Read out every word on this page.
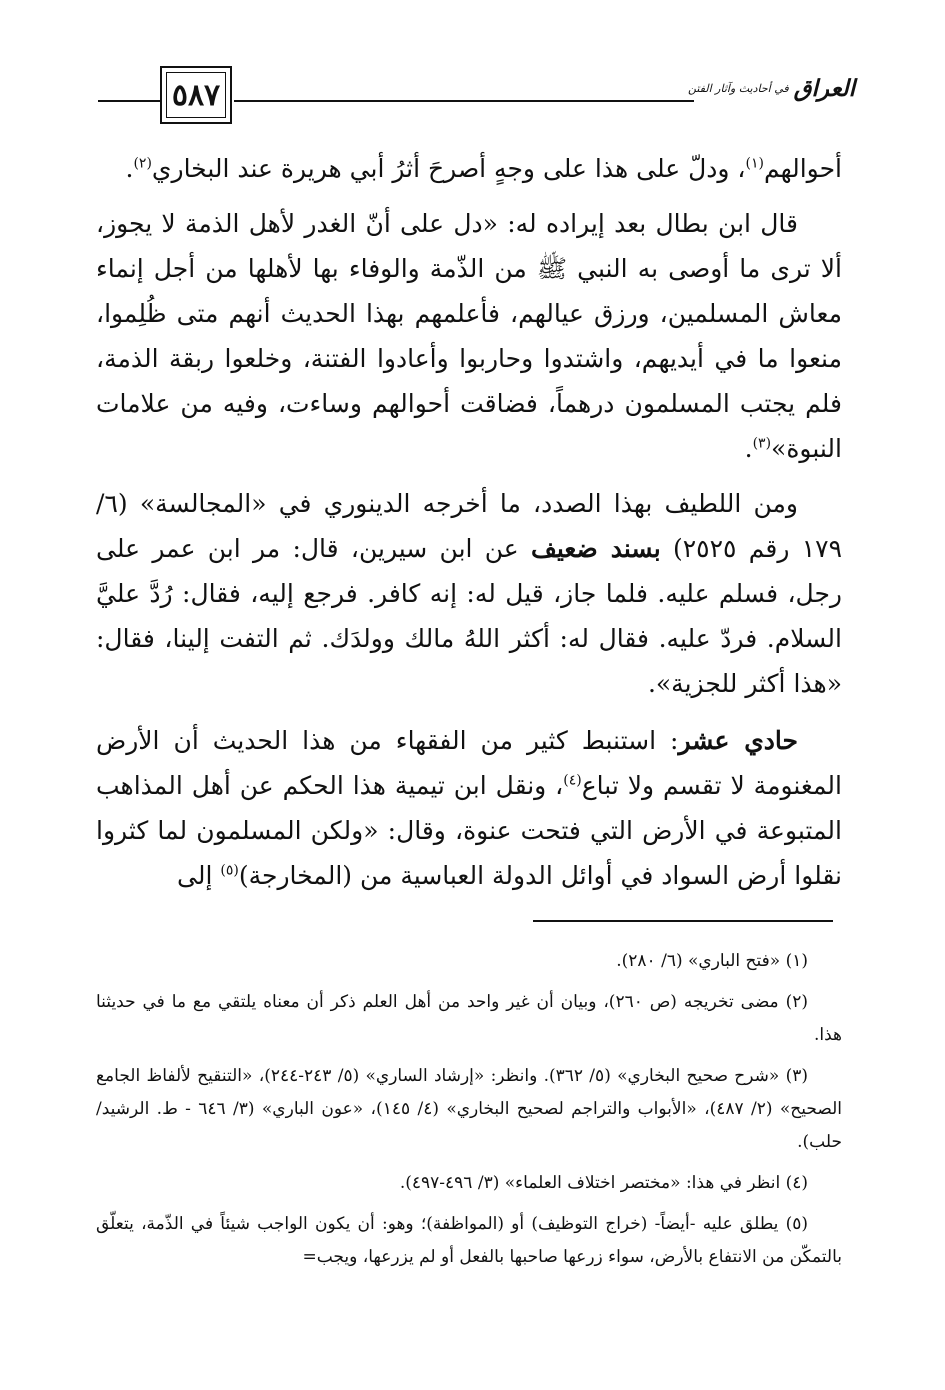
٥٨٧	العراق
في أحاديث وآثار الفتن

أحوالهم$^{(١)}$، ودلّ على هذا على وجهٍ أصرحَ أثرُ أبي هريرة عند البخاري$^{(٢)}$.

قال ابن بطال بعد إيراده له: «دل على أنّ الغدر لأهل الذمة لا يجوز، ألا ترى ما أوصى به النبي ﷺ من الذّمة والوفاء بها لأهلها من أجل إنماء معاش المسلمين، ورزق عيالهم، فأعلمهم بهذا الحديث أنهم متى ظُلِموا، منعوا ما في أيديهم، واشتدوا وحاربوا وأعادوا الفتنة، وخلعوا ربقة الذمة، فلم يجتب المسلمون درهماً، فضاقت أحوالهم وساءت، وفيه من علامات النبوة»$^{(٣)}$.

ومن اللطيف بهذا الصدد، ما أخرجه الدينوري في «المجالسة» (٦/ ١٧٩ رقم ٢٥٢٥) بسند ضعيف عن ابن سيرين، قال: مر ابن عمر على رجل، فسلم عليه. فلما جاز، قيل له: إنه كافر. فرجع إليه، فقال: رُدَّ عليَّ السلام. فردّ عليه. فقال له: أكثر اللهُ مالك وولدَك. ثم التفت إلينا، فقال: «هذا أكثر للجزية».

حادي عشر: استنبط كثير من الفقهاء من هذا الحديث أن الأرض المغنومة لا تقسم ولا تباع$^{(٤)}$، ونقل ابن تيمية هذا الحكم عن أهل المذاهب المتبوعة في الأرض التي فتحت عنوة، وقال: «ولكن المسلمون لما كثروا نقلوا أرض السواد في أوائل الدولة العباسية من (المخارجة)$^{(٥)}$ إلى

(١) «فتح الباري» (٦/ ٢٨٠).

(٢) مضى تخريجه (ص ٢٦٠)، وبيان أن غير واحد من أهل العلم ذكر أن معناه يلتقي مع ما في حديثنا هذا.

(٣) «شرح صحيح البخاري» (٥/ ٣٦٢). وانظر: «إرشاد الساري» (٥/ ٢٤٣-٢٤٤)، «التنقيح لألفاظ الجامع الصحيح» (٢/ ٤٨٧)، «الأبواب والتراجم لصحيح البخاري» (٤/ ١٤٥)، «عون الباري» (٣/ ٦٤٦ - ط. الرشيد/ حلب).

(٤) انظر في هذا: «مختصر اختلاف العلماء» (٣/ ٤٩٦-٤٩٧).

(٥) يطلق عليه -أيضاً- (خراج التوظيف) أو (المواظفة)؛ وهو: أن يكون الواجب شيئاً في الذّمة، يتعلّق بالتمكّن من الانتفاع بالأرض، سواء زرعها صاحبها بالفعل أو لم يزرعها، ويجب=
